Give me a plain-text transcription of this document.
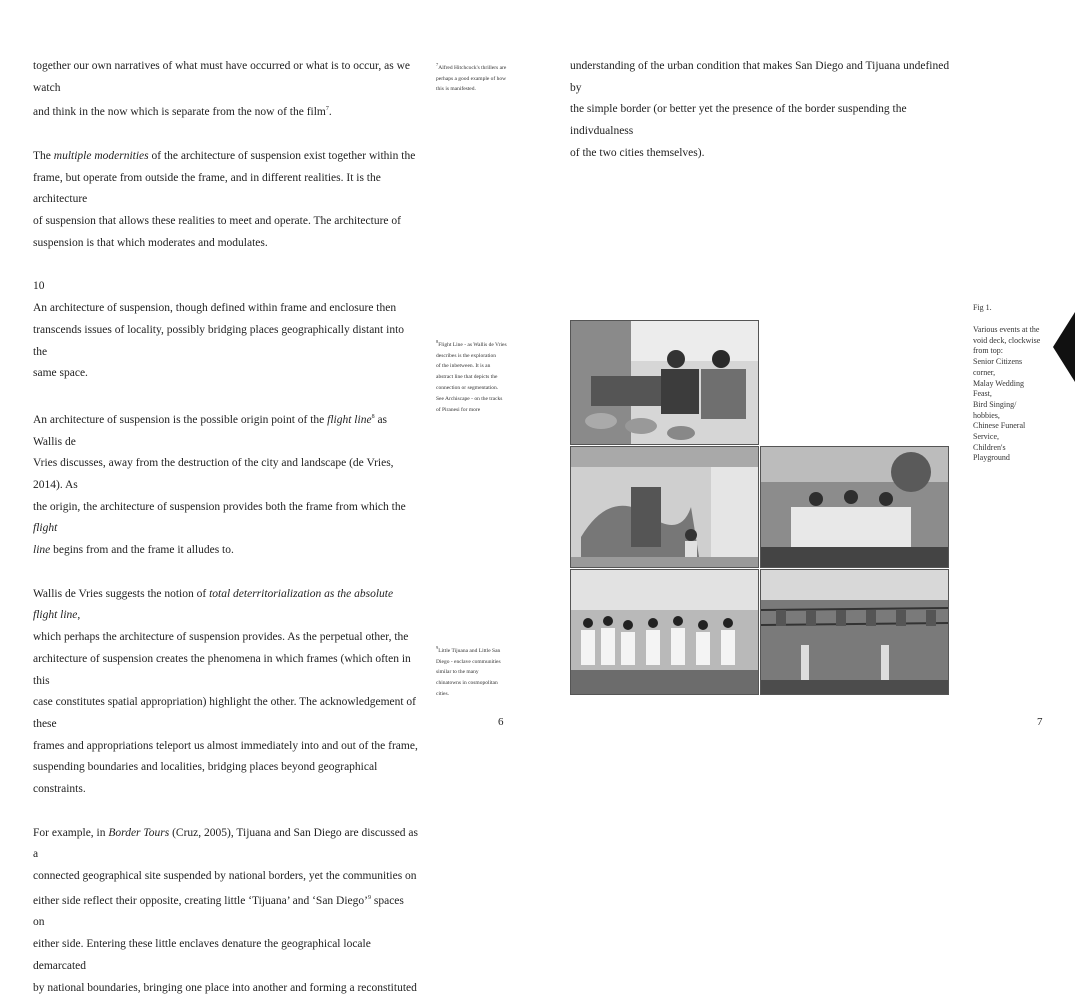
together our own narratives of what must have occurred or what is to occur, as we watch

and think in the now which is separate from the now of the film$^7$.

The multiple modernities of the architecture of suspension exist together within the

frame, but operate from outside the frame, and in different realities. It is the architecture

of suspension that allows these realities to meet and operate. The architecture of

suspension is that which moderates and modulates.

10

An architecture of suspension, though defined within frame and enclosure then

transcends issues of locality, possibly bridging places geographically distant into the

same space.

An architecture of suspension is the possible origin point of the flight line$^8$ as Wallis de

Vries discusses, away from the destruction of the city and landscape (de Vries, 2014). As

the origin, the architecture of suspension provides both the frame from which the flight

line begins from and the frame it alludes to.

Wallis de Vries suggests the notion of total deterritorialization as the absolute flight line,

which perhaps the architecture of suspension provides. As the perpetual other, the

architecture of suspension creates the phenomena in which frames (which often in this

case constitutes spatial appropriation) highlight the other. The acknowledgement of these

frames and appropriations teleport us almost immediately into and out of the frame,

suspending boundaries and localities, bridging places beyond geographical constraints.

For example, in Border Tours (Cruz, 2005), Tijuana and San Diego are discussed as a

connected geographical site suspended by national borders, yet the communities on

either side reflect their opposite, creating little ‘Tijuana’ and ‘San Diego’$^9$ spaces on

either side. Entering these little enclaves denature the geographical locale demarcated

by national boundaries, bringing one place into another and forming a reconstituted

$^7$Alfred Hitchcock's thrillers are
perhaps a good example of how
this is manifested.
$^8$Flight Line - as Wallis de Vries
describes is the exploration
of the inbetween. It is an
abstract line that depicts the
connection or segmentation.
See Archiscape - on the tracks
of Piranesi for more
$^9$Little Tijuana and Little San
Diego - enclave communities
similar to the many
chinatowns in cosmopolitan
cities.
6

understanding of the urban condition that makes San Diego and Tijuana undefined by

the simple border (or better yet the presence of the border suspending the indivdualness

of the two cities themselves).

Fig 1.
Various events at the
void deck, clockwise
from top:
Senior Citizens
corner,
Malay Wedding
Feast,
Bird Singing/
hobbies,
Chinese Funeral
Service,
Children's
Playground
7
